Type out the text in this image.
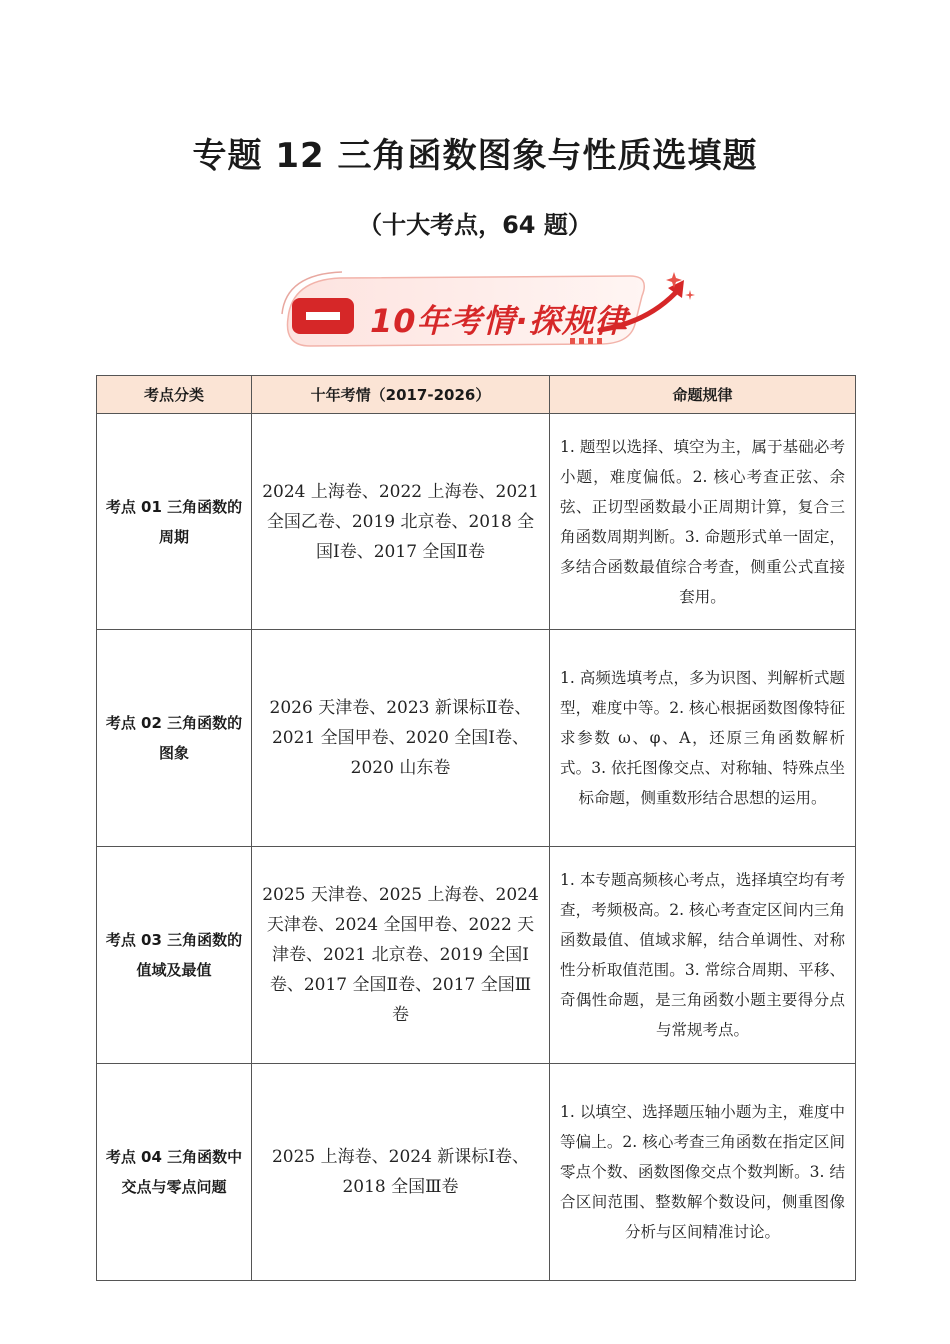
专题 12 三角函数图象与性质选填题
（十大考点，64 题）
10年考情·探规律
考点分类	十年考情（2017-2026）	命题规律
考点 01 三角函数的周期	2024 上海卷、2022 上海卷、2021 全国乙卷、2019 北京卷、2018 全国Ⅰ卷、2017 全国Ⅱ卷	1. 题型以选择、填空为主，属于基础必考小题，难度偏低。2. 核心考查正弦、余弦、正切型函数最小正周期计算，复合三角函数周期判断。3. 命题形式单一固定，多结合函数最值综合考查，侧重公式直接套用。
考点 02 三角函数的图象	2026 天津卷、2023 新课标Ⅱ卷、2021 全国甲卷、2020 全国Ⅰ卷、2020 山东卷	1. 高频选填考点，多为识图、判解析式题型，难度中等。2. 核心根据函数图像特征求参数 ω、φ、A，还原三角函数解析式。3. 依托图像交点、对称轴、特殊点坐标命题，侧重数形结合思想的运用。
考点 03 三角函数的值域及最值	2025 天津卷、2025 上海卷、2024 天津卷、2024 全国甲卷、2022 天津卷、2021 北京卷、2019 全国Ⅰ卷、2017 全国Ⅱ卷、2017 全国Ⅲ卷	1. 本专题高频核心考点，选择填空均有考查，考频极高。2. 核心考查定区间内三角函数最值、值域求解，结合单调性、对称性分析取值范围。3. 常综合周期、平移、奇偶性命题，是三角函数小题主要得分点与常规考点。
考点 04 三角函数中交点与零点问题	2025 上海卷、2024 新课标Ⅰ卷、2018 全国Ⅲ卷	1. 以填空、选择题压轴小题为主，难度中等偏上。2. 核心考查三角函数在指定区间零点个数、函数图像交点个数判断。3. 结合区间范围、整数解个数设问，侧重图像分析与区间精准讨论。
